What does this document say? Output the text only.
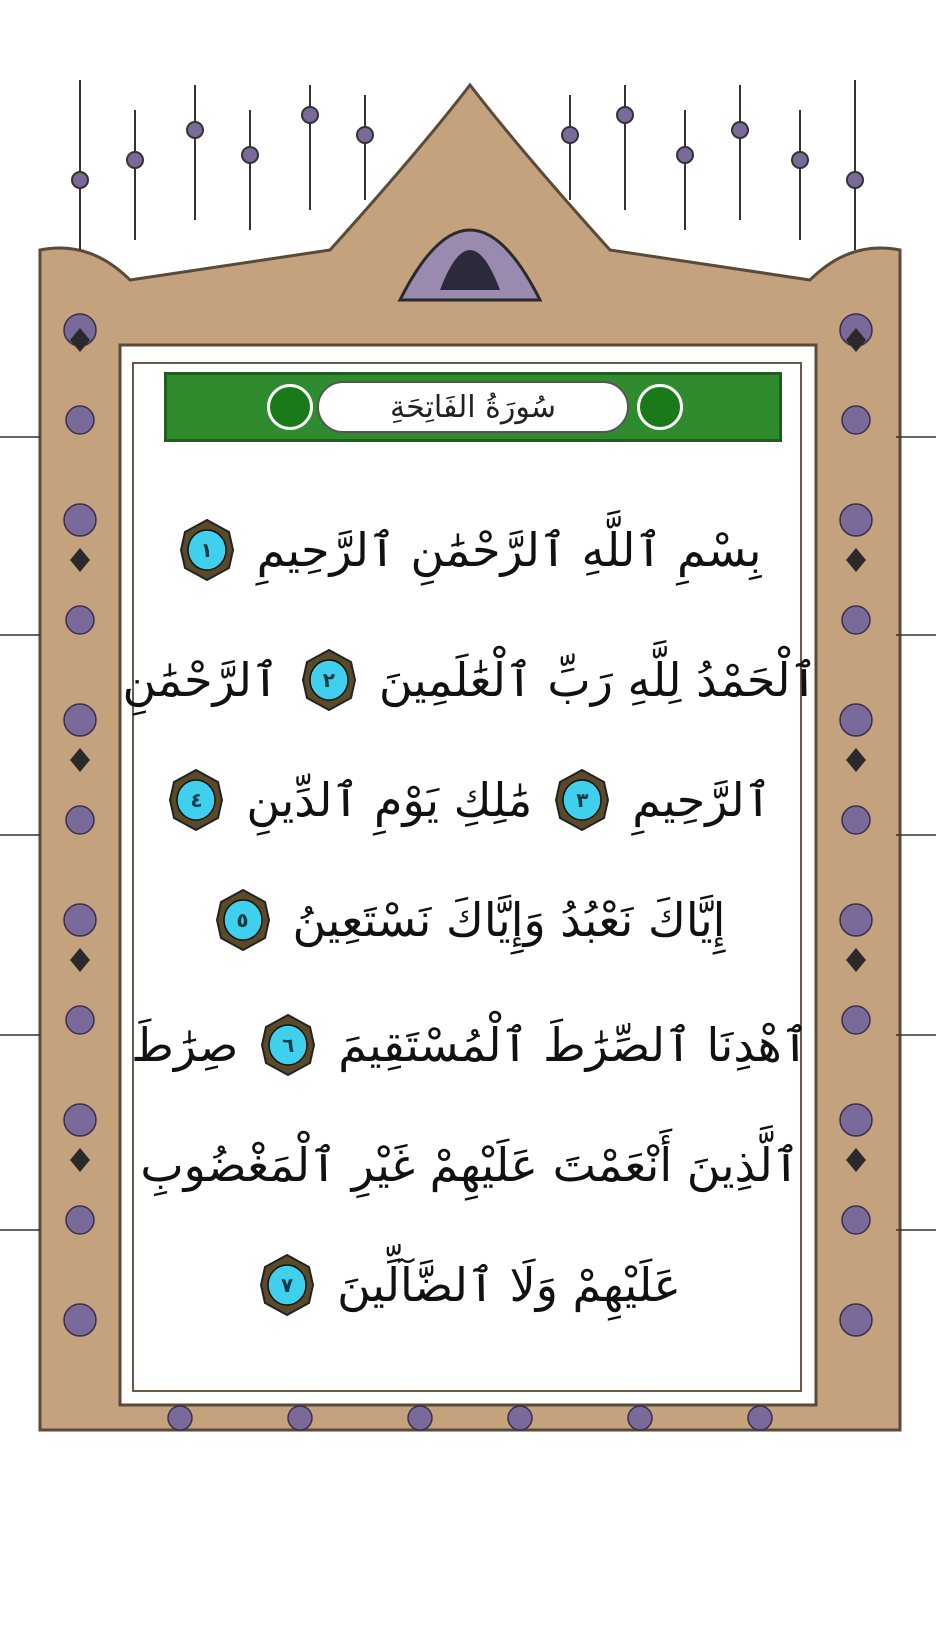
سُورَةُ الفَاتِحَةِ
بِسْمِ ٱللَّهِ ٱلرَّحْمَٰنِ ٱلرَّحِيمِ
١
ٱلْحَمْدُ لِلَّهِ رَبِّ ٱلْعَٰلَمِينَ
٢
ٱلرَّحْمَٰنِ
ٱلرَّحِيمِ
٣
مَٰلِكِ يَوْمِ ٱلدِّينِ
٤
إِيَّاكَ نَعْبُدُ وَإِيَّاكَ نَسْتَعِينُ
٥
ٱهْدِنَا ٱلصِّرَٰطَ ٱلْمُسْتَقِيمَ
٦
صِرَٰطَ
ٱلَّذِينَ أَنْعَمْتَ عَلَيْهِمْ غَيْرِ ٱلْمَغْضُوبِ
عَلَيْهِمْ وَلَا ٱلضَّآلِّينَ
٧
